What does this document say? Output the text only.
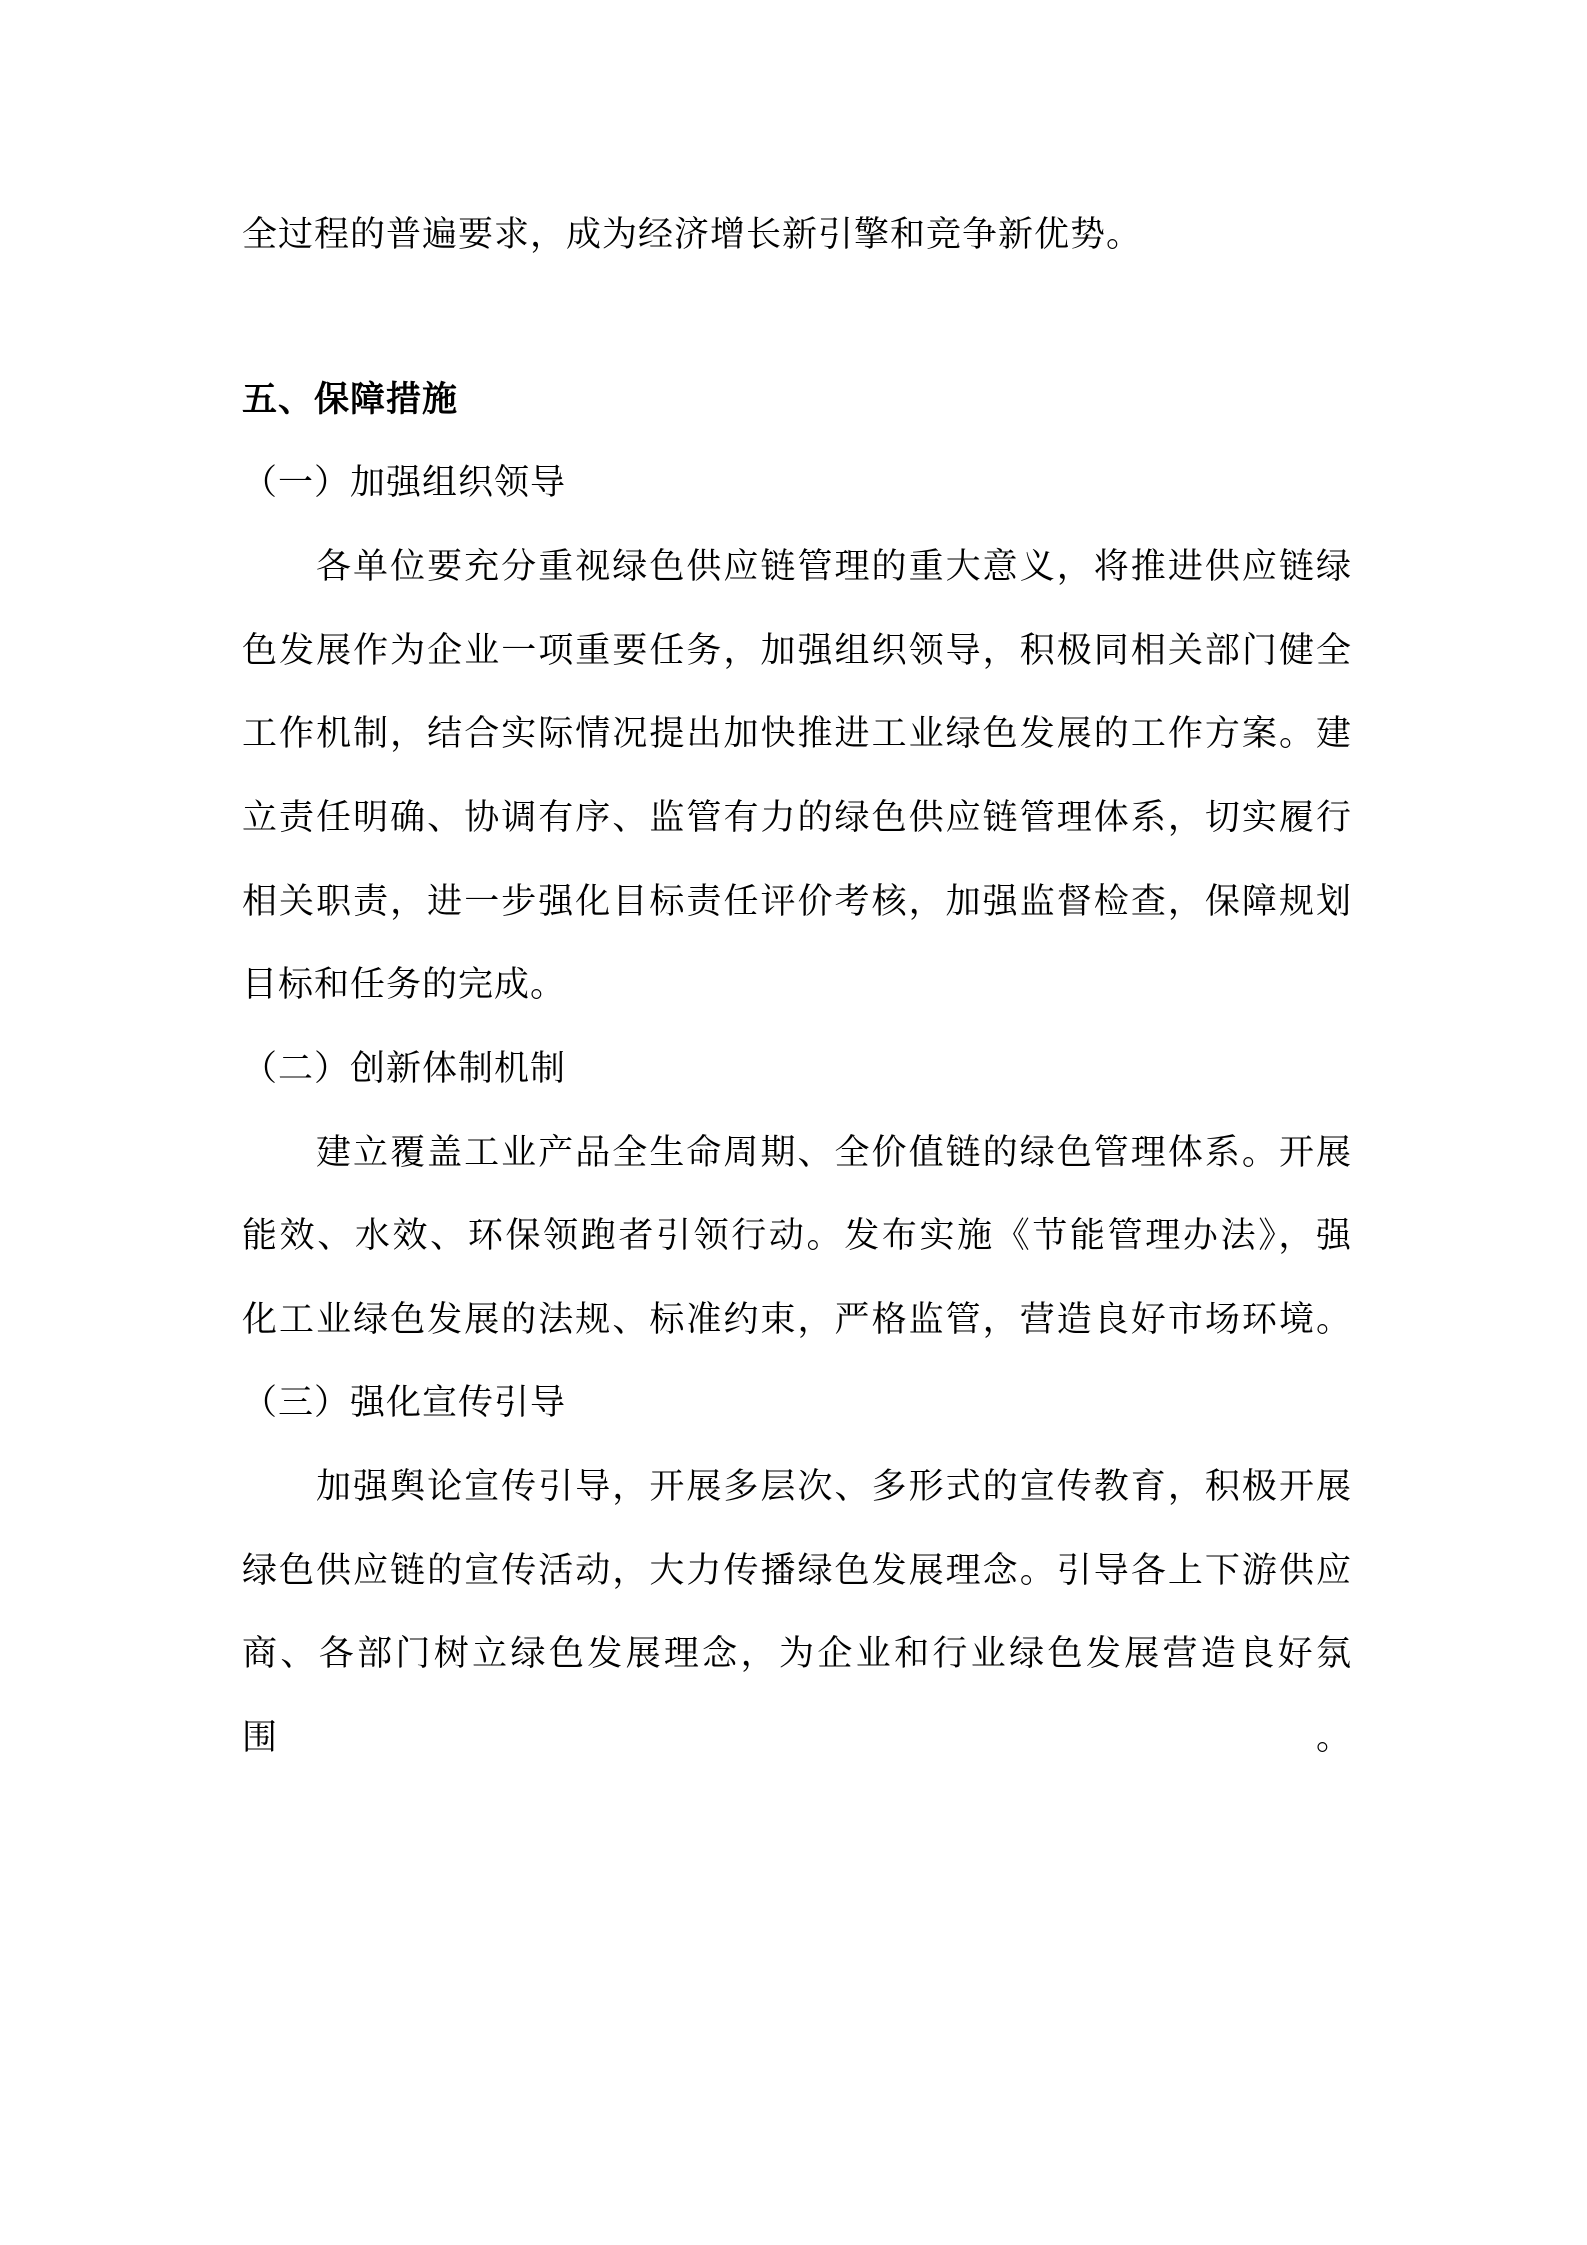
全过程的普遍要求，成为经济增长新引擎和竞争新优势。
五、保障措施
（一）加强组织领导
各单位要充分重视绿色供应链管理的重大意义，将推进供应链绿
色发展作为企业一项重要任务，加强组织领导，积极同相关部门健全
工作机制，结合实际情况提出加快推进工业绿色发展的工作方案。建
立责任明确、协调有序、监管有力的绿色供应链管理体系，切实履行
相关职责，进一步强化目标责任评价考核，加强监督检查，保障规划
目标和任务的完成。
（二）创新体制机制
建立覆盖工业产品全生命周期、全价值链的绿色管理体系。开展
能效、水效、环保领跑者引领行动。发布实施《节能管理办法》，强
化工业绿色发展的法规、标准约束，严格监管，营造良好市场环境。
（三）强化宣传引导
加强舆论宣传引导，开展多层次、多形式的宣传教育，积极开展
绿色供应链的宣传活动，大力传播绿色发展理念。引导各上下游供应
商、各部门树立绿色发展理念，为企业和行业绿色发展营造良好氛围。
